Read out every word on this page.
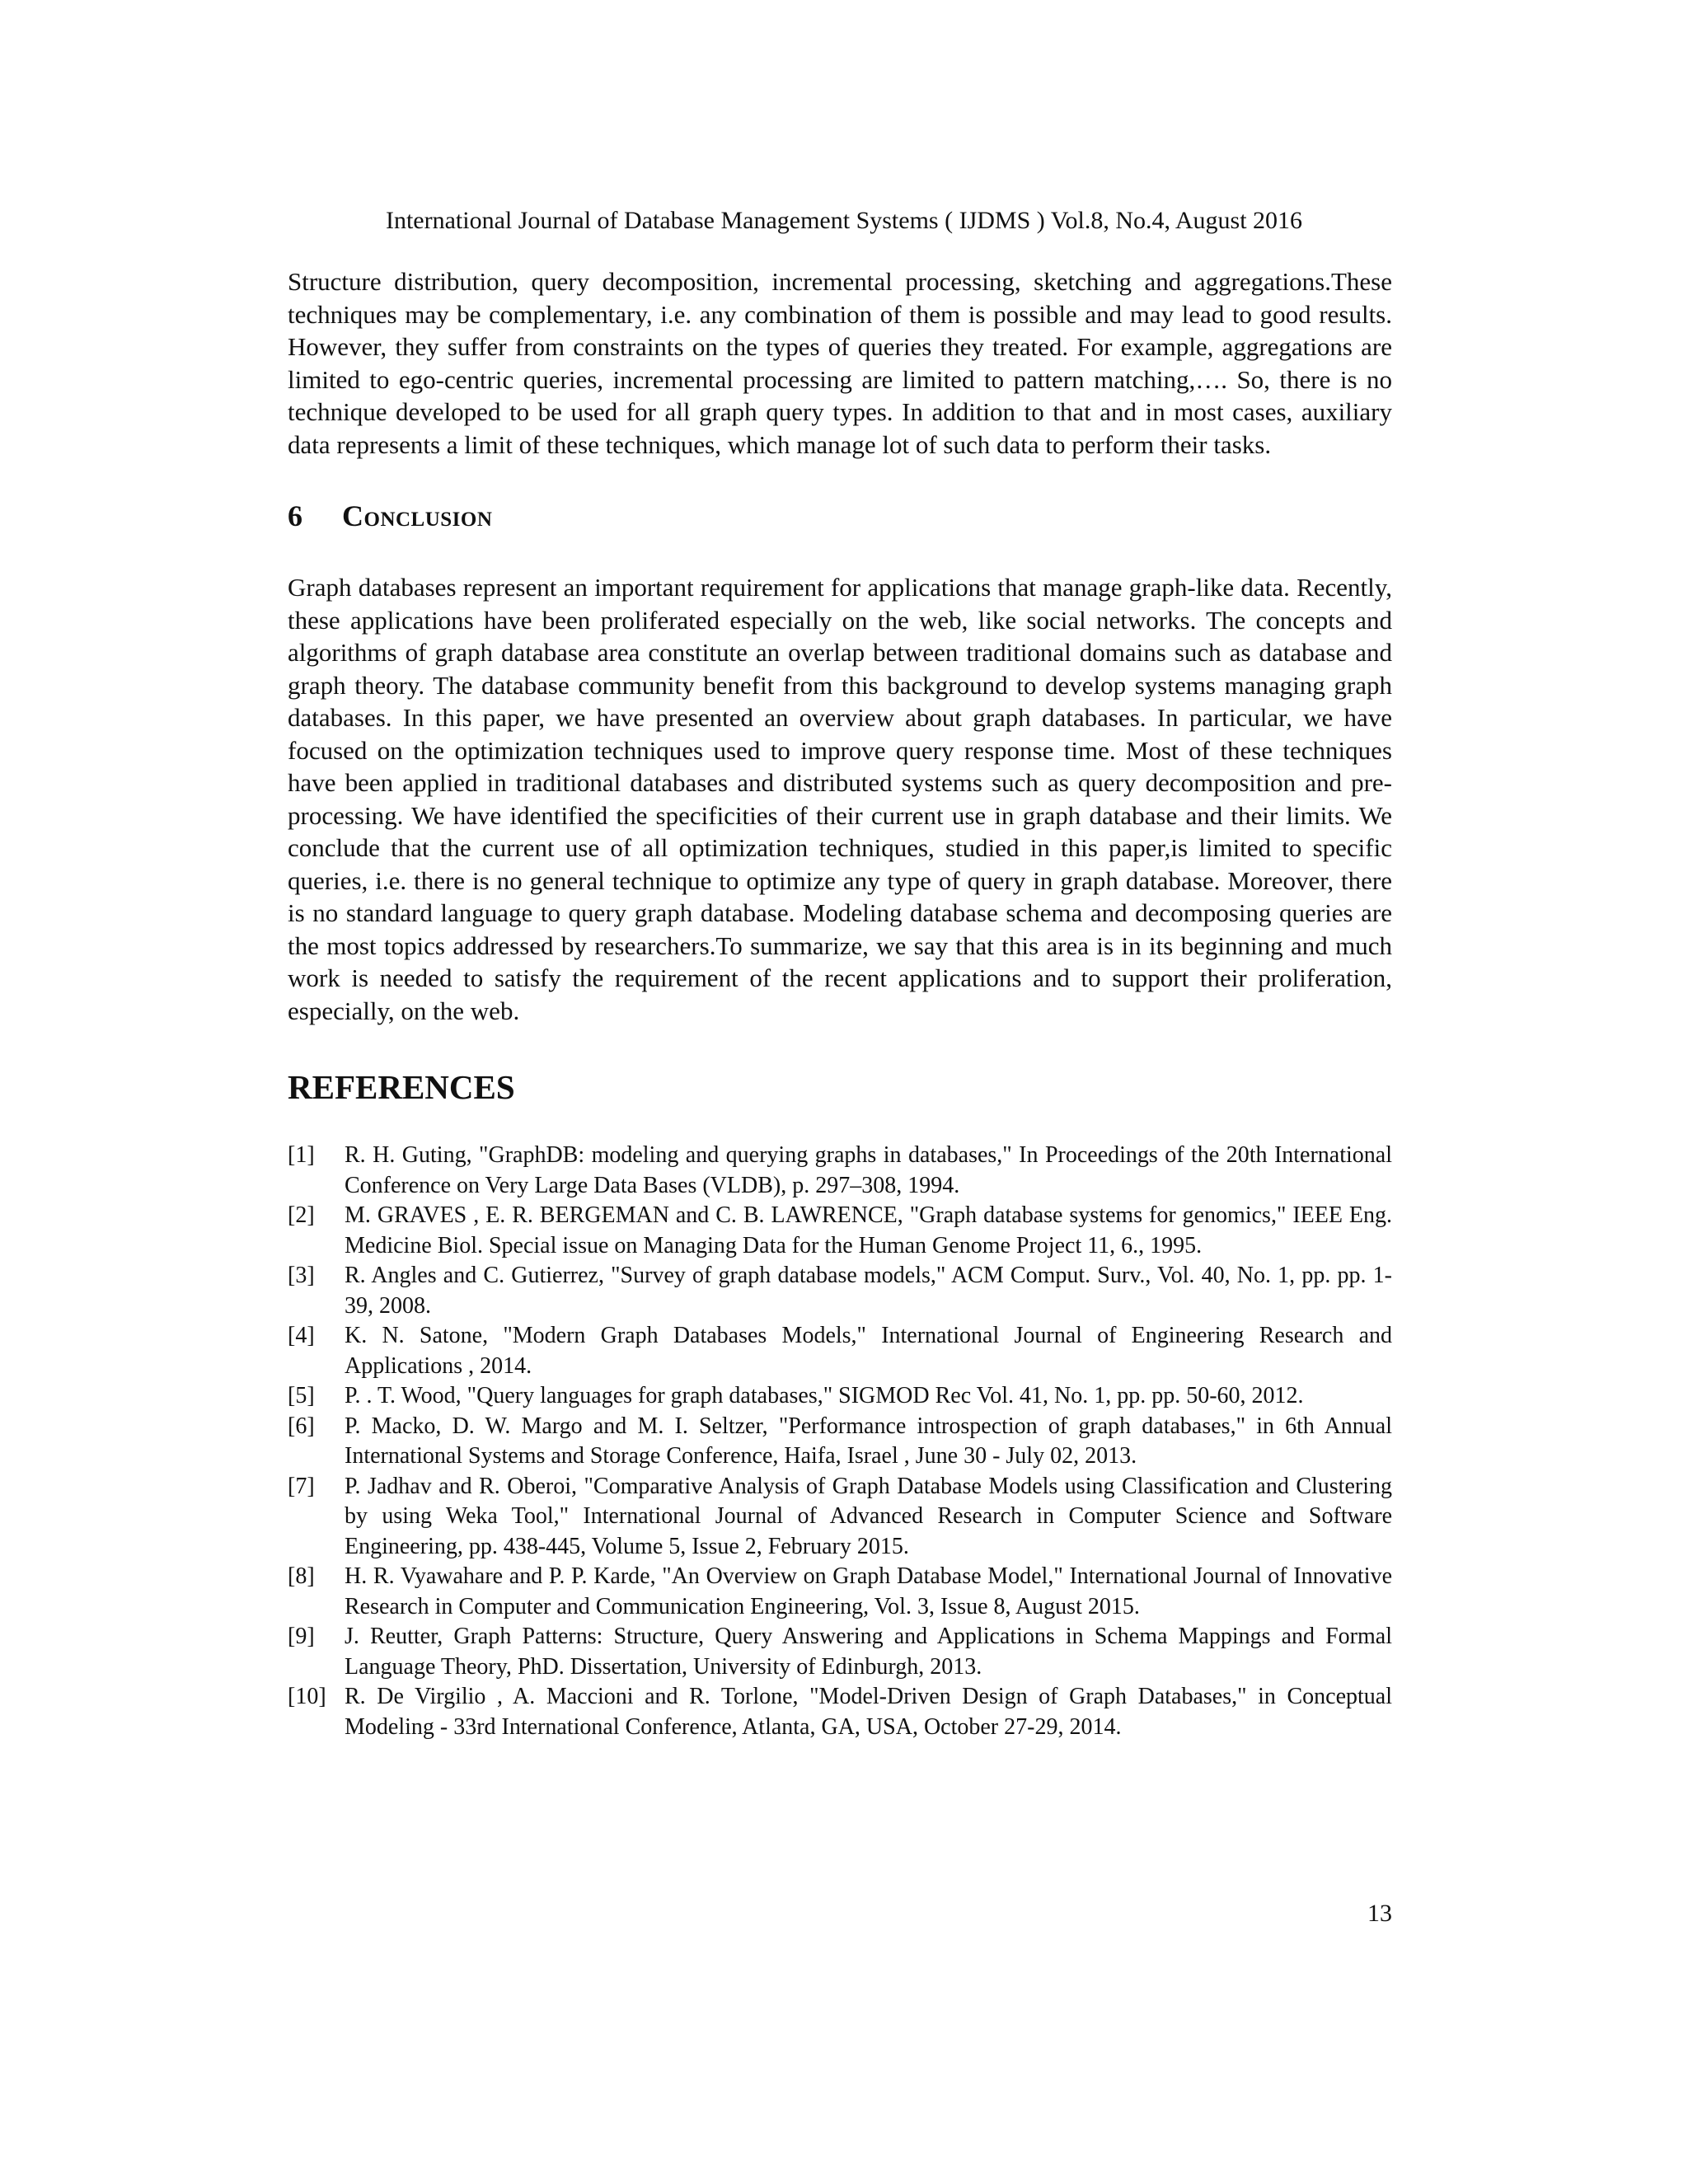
International Journal of Database Management Systems ( IJDMS ) Vol.8, No.4, August 2016

Structure distribution, query decomposition, incremental processing, sketching and aggregations.These techniques may be complementary, i.e. any combination of them is possible and may lead to good results. However, they suffer from constraints on the types of queries they treated. For example, aggregations are limited to ego-centric queries, incremental processing are limited to pattern matching,…. So, there is no technique developed to be used for all graph query types. In addition to that and in most cases, auxiliary data represents a limit of these techniques, which manage lot of such data to perform their tasks.

6	Conclusion

Graph databases represent an important requirement for applications that manage graph-like data. Recently, these applications have been proliferated especially on the web, like social networks. The concepts and algorithms of graph database area constitute an overlap between traditional domains such as database and graph theory. The database community benefit from this background to develop systems managing graph databases. In this paper, we have presented an overview about graph databases. In particular, we have focused on the optimization techniques used to improve query response time. Most of these techniques have been applied in traditional databases and distributed systems such as query decomposition and pre-processing. We have identified the specificities of their current use in graph database and their limits. We conclude that the current use of all optimization techniques, studied in this paper,is limited to specific queries, i.e. there is no general technique to optimize any type of query in graph database. Moreover, there is no standard language to query graph database. Modeling database schema and decomposing queries are the most topics addressed by researchers.To summarize, we say that this area is in its beginning and much work is needed to satisfy the requirement of the recent applications and to support their proliferation, especially, on the web.

REFERENCES
[1]	R. H. Guting, "GraphDB: modeling and querying graphs in databases," In Proceedings of the 20th International Conference on Very Large Data Bases (VLDB), p. 297–308, 1994.
[2]	M. GRAVES , E. R. BERGEMAN and C. B. LAWRENCE, "Graph database systems for genomics," IEEE Eng. Medicine Biol. Special issue on Managing Data for the Human Genome Project 11, 6., 1995.
[3]	R. Angles and C. Gutierrez, "Survey of graph database models," ACM Comput. Surv., Vol. 40, No. 1, pp. pp. 1-39, 2008.
[4]	K. N. Satone, "Modern Graph Databases Models," International Journal of Engineering Research and Applications , 2014.
[5]	P. . T. Wood, "Query languages for graph databases," SIGMOD Rec Vol. 41, No. 1, pp. pp. 50-60, 2012.
[6]	P. Macko, D. W. Margo and M. I. Seltzer, "Performance introspection of graph databases," in 6th Annual International Systems and Storage Conference, Haifa, Israel , June 30 - July 02, 2013.
[7]	P. Jadhav and R. Oberoi, "Comparative Analysis of Graph Database Models using Classification and Clustering by using Weka Tool," International Journal of Advanced Research in Computer Science and Software Engineering, pp. 438-445, Volume 5, Issue 2, February 2015.
[8]	H. R. Vyawahare and P. P. Karde, "An Overview on Graph Database Model," International Journal of Innovative Research in Computer and Communication Engineering, Vol. 3, Issue 8, August 2015.
[9]	J. Reutter, Graph Patterns: Structure, Query Answering and Applications in Schema Mappings and Formal Language Theory, PhD. Dissertation, University of Edinburgh, 2013.
[10] R. De Virgilio , A. Maccioni and R. Torlone, "Model-Driven Design of Graph Databases," in Conceptual Modeling - 33rd International Conference, Atlanta, GA, USA, October 27-29, 2014.
13
